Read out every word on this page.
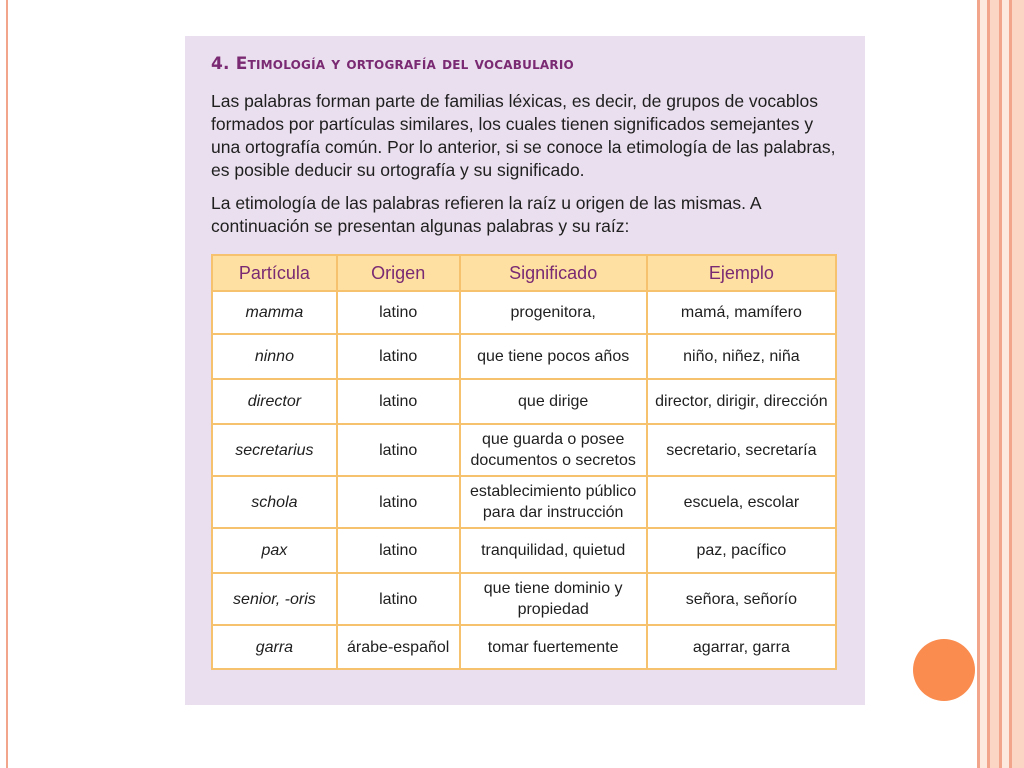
4. Etimología y ortografía del vocabulario

Las palabras forman parte de familias léxicas, es decir, de grupos de vocablos formados por partículas similares, los cuales tienen significados semejantes y una ortografía común. Por lo anterior, si se conoce la etimología de las palabras, es posible deducir su ortografía y su significado.

La etimología de las palabras refieren la raíz u origen de las mismas. A continuación se presentan algunas palabras y su raíz:

Partícula	Origen	Significado	Ejemplo
mamma	latino	progenitora,	mamá, mamífero
ninno	latino	que tiene pocos años	niño, niñez, niña
director	latino	que dirige	director, dirigir, dirección
secretarius	latino	que guarda o posee documentos o secretos	secretario, secretaría
schola	latino	establecimiento público para dar instrucción	escuela, escolar
pax	latino	tranquilidad, quietud	paz, pacífico
senior, -oris	latino	que tiene dominio y propiedad	señora, señorío
garra	árabe-español	tomar fuertemente	agarrar, garra
